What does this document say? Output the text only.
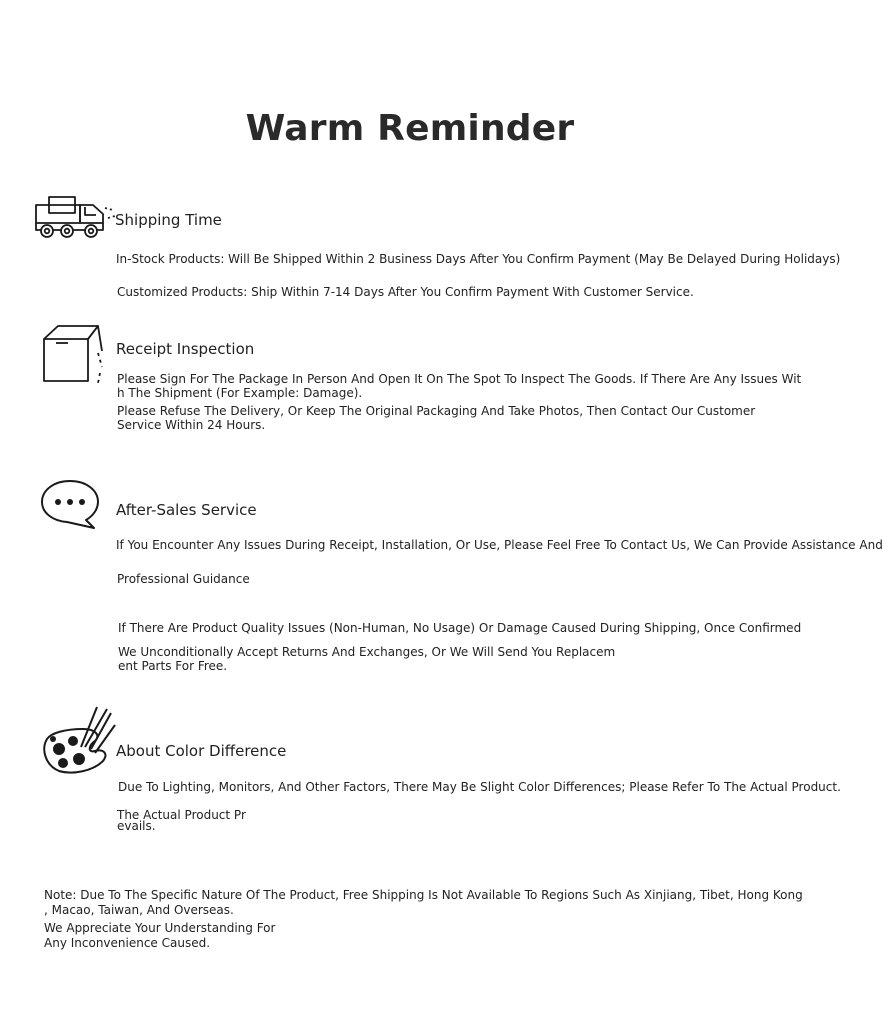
Warm Reminder
Shipping Time
In-Stock Products: Will Be Shipped Within 2 Business Days After You Confirm Payment (May Be Delayed During Holidays)
Customized Products: Ship Within 7-14 Days After You Confirm Payment With Customer Service.
Receipt Inspection
Please Sign For The Package In Person And Open It On The Spot To Inspect The Goods. If There Are Any Issues Wit
h The Shipment (For Example: Damage).
Please Refuse The Delivery, Or Keep The Original Packaging And Take Photos, Then Contact Our Customer
Service Within 24 Hours.
After-Sales Service
If You Encounter Any Issues During Receipt, Installation, Or Use, Please Feel Free To Contact Us, We Can Provide Assistance And
Professional Guidance
If There Are Product Quality Issues (Non-Human, No Usage) Or Damage Caused During Shipping, Once Confirmed
We Unconditionally Accept Returns And Exchanges, Or We Will Send You Replacem
ent Parts For Free.
About Color Difference
Due To Lighting, Monitors, And Other Factors, There May Be Slight Color Differences; Please Refer To The Actual Product.
The Actual Product Pr
evails.
Note: Due To The Specific Nature Of The Product, Free Shipping Is Not Available To Regions Such As Xinjiang, Tibet, Hong Kong
, Macao, Taiwan, And Overseas.
We Appreciate Your Understanding For
Any Inconvenience Caused.
